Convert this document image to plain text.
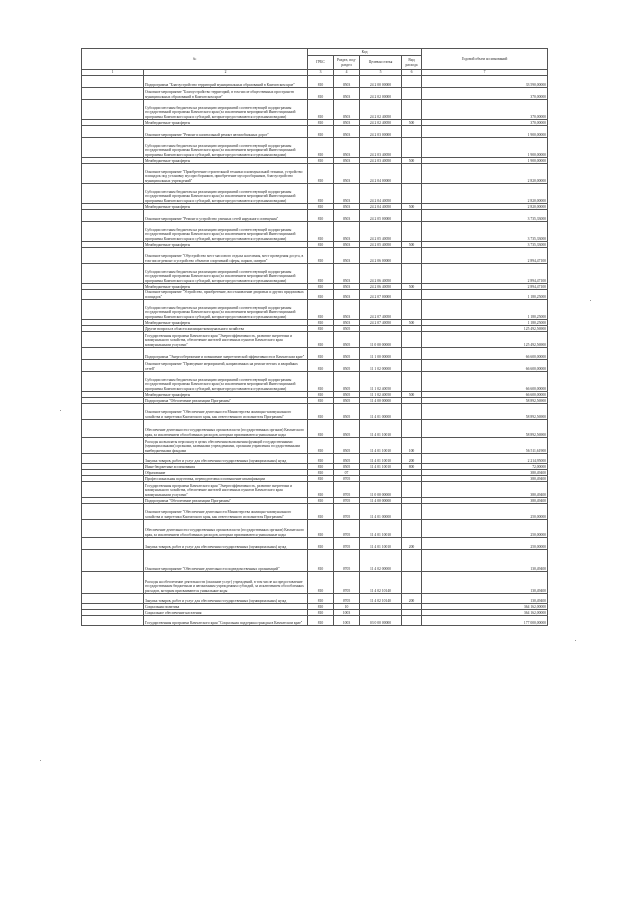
№		Код				Годовой объем ассигнований
		ГРБС	Раздел, под- раздел	Целевая статья	Вид расхода	
1	2	3	4	5	6	7
	Подпрограмма "Благоустройство территорий муниципальных образований в Камчатском крае"	810	0503	24 2 00 00000		33 590,00000
	Основное мероприятие "Благоустройство территорий, в том числе общественных пространств муниципальных образований в Камчатском крае"	810	0503	24 2 02 00000		370,00000
	Субсидии местным бюджетам на реализацию мероприятий соответствующей подпрограммы государственной программы Камчатского края (за исключением мероприятий Инвестиционной программы Камчатского края и субсидий, которые предоставляются отдельными видами)	810	0503	24 2 02 40050		370,00000
	Межбюджетные трансферты	810	0503	24 2 02 40050	500	370,00000
	Основное мероприятие "Ремонт и капитальный ремонт автомобильных дорог"	810	0503	24 2 03 00000		1 900,00000
	Субсидии местным бюджетам на реализацию мероприятий соответствующей подпрограммы государственной программы Камчатского края (за исключением мероприятий Инвестиционной программы Камчатского края и субсидий, которые предоставляются отдельными видами)	810	0503	24 2 03 40050		1 900,00000
	Межбюджетные трансферты	810	0503	24 2 03 40050	500	1 900,00000
	Основное мероприятие "Приобретение строительной техники и коммунальной техники, устройство площадок под установку мусоросборников, приобретение мусоросборников, благоустройство муниципальных учреждений"	810	0503	24 2 04 00000		2 820,00000
	Субсидии местным бюджетам на реализацию мероприятий соответствующей подпрограммы государственной программы Камчатского края (за исключением мероприятий Инвестиционной программы Камчатского края и субсидий, которые предоставляются отдельными видами)	810	0503	24 2 04 40050		2 820,00000
	Межбюджетные трансферты	810	0503	24 2 04 40050	500	2 820,00000
	Основное мероприятие "Ремонт и устройство уличных сетей наружного освещения"	810	0503	24 2 05 00000		3 735,33000
	Субсидии местным бюджетам на реализацию мероприятий соответствующей подпрограммы государственной программы Камчатского края (за исключением мероприятий Инвестиционной программы Камчатского края и субсидий, которые предоставляются отдельными видами)	810	0503	24 2 05 40050		3 735,33000
	Межбюджетные трансферты	810	0503	24 2 05 40050	500	3 735,33000
	Основное мероприятие "Обустройство мест массового отдыха населения, мест проведения досуга, в том числе ремонт и устройство объектов спортивной сферы, парков, скверов"	810	0503	24 2 06 00000		2 894,47100
	Субсидии местным бюджетам на реализацию мероприятий соответствующей подпрограммы государственной программы Камчатского края (за исключением мероприятий Инвестиционной программы Камчатского края и субсидий, которые предоставляются отдельными видами)	810	0503	24 2 06 40050		2 894,47100
	Межбюджетные трансферты	810	0503	24 2 06 40050	500	2 894,47100
	Основное мероприятие "Устройство, приобретение, восстановление дворовых и других придомовых площадок"	810	0503	24 2 07 00000		1 180,25000
	Субсидии местным бюджетам на реализацию мероприятий соответствующей подпрограммы государственной программы Камчатского края (за исключением мероприятий Инвестиционной программы Камчатского края и субсидий, которые предоставляются отдельными видами)	810	0503	24 2 07 40050		1 180,25000
	Межбюджетные трансферты	810	0503	24 2 07 40050	500	1 180,25000
	Другие вопросы в области жилищно-коммунального хозяйства	810	0505			125 492,56900
	Государственная программа Камчатского края "Энергоэффективность, развитие энергетики и коммунального хозяйства, обеспечение жителей населенных пунктов Камчатского края коммунальными услугами"	810	0505	11 0 00 00000		125 492,56900
	Подпрограмма "Энергосбережение и повышение энергетической эффективности в Камчатском крае"	810	0505	11 1 00 00000		66 600,00000
	Основное мероприятие "Проведение мероприятий, направленных на ремонт ветхих и аварийных сетей"	810	0505	11 1 02 00000		66 600,00000
	Субсидии местным бюджетам на реализацию мероприятий соответствующей подпрограммы государственной программы Камчатского края (за исключением мероприятий Инвестиционной программы Камчатского края и субсидий, которые предоставляются отдельными видами)	810	0505	11 1 02 40050		66 600,00000
	Межбюджетные трансферты	810	0505	11 1 02 40050	500	66 600,00000
	Подпрограмма "Обеспечение реализации Программы"	810	0505	11 4 00 00000		58 892,56900
	Основное мероприятие "Обеспечение деятельности Министерства жилищно-коммунального хозяйства и энергетики Камчатского края, как ответственного исполнителя Программы"	810	0505	11 4 01 00000		58 892,56900
	Обеспечение деятельности государственных органов власти (государственных органов) Камчатского края, за исключением обособленных расходов, которым присваиваются уникальные коды	810	0505	11 4 01 10010		58 892,56900
	Расходы на выплаты персоналу в целях обеспечения выполнения функций государственными (муниципальными) органами, казенными учреждениями, органами управления государственными внебюджетными фондами	810	0505	11 4 01 10010	100	56 511,61900
	Закупка товаров, работ и услуг для обеспечения государственных (муниципальных) нужд	810	0505	11 4 01 10010	200	2 214,95000
	Иные бюджетные ассигнования	810	0505	11 4 01 10010	800	72,00000
	Образование	810	07			380,49400
	Профессиональная подготовка, переподготовка и повышение квалификации	810	0705			380,49400
	Государственная программа Камчатского края "Энергоэффективность, развитие энергетики и коммунального хозяйства, обеспечение жителей населенных пунктов Камчатского края коммунальными услугами"	810	0705	11 0 00 00000		380,49400
	Подпрограмма "Обеспечение реализации Программы"	810	0705	11 4 00 00000		380,49400
	Основное мероприятие "Обеспечение деятельности Министерства жилищно-коммунального хозяйства и энергетики Камчатского края, как ответственного исполнителя Программы"	810	0705	11 4 01 00000		250,00000
	Обеспечение деятельности государственных органов власти (государственных органов) Камчатского края, за исключением обособленных расходов, которым присваиваются уникальные коды	810	0705	11 4 01 10010		250,00000
	Закупка товаров, работ и услуг для обеспечения государственных (муниципальных) нужд	810	0705	11 4 01 10010	200	250,00000
	Основное мероприятие "Обеспечение деятельности подведомственных организаций"	810	0705	11 4 02 00000		130,49400
	Расходы на обеспечение деятельности (оказание услуг) учреждений, в том числе на предоставление государственным бюджетным и автономным учреждениям субсидий, за исключением обособленных расходов, которым присваиваются уникальные коды	810	0705	11 4 02 10140		130,49400
	Закупка товаров, работ и услуг для обеспечения государственных (муниципальных) нужд	810	0705	11 4 02 10140	200	130,49400
	Социальная политика	810	10			364 162,00000
	Социальное обеспечение населения	810	1003			364 162,00000
	Государственная программа Камчатского края "Социальная поддержка граждан в Камчатском крае"	810	1003	03 0 00 00000		177 000,00000
